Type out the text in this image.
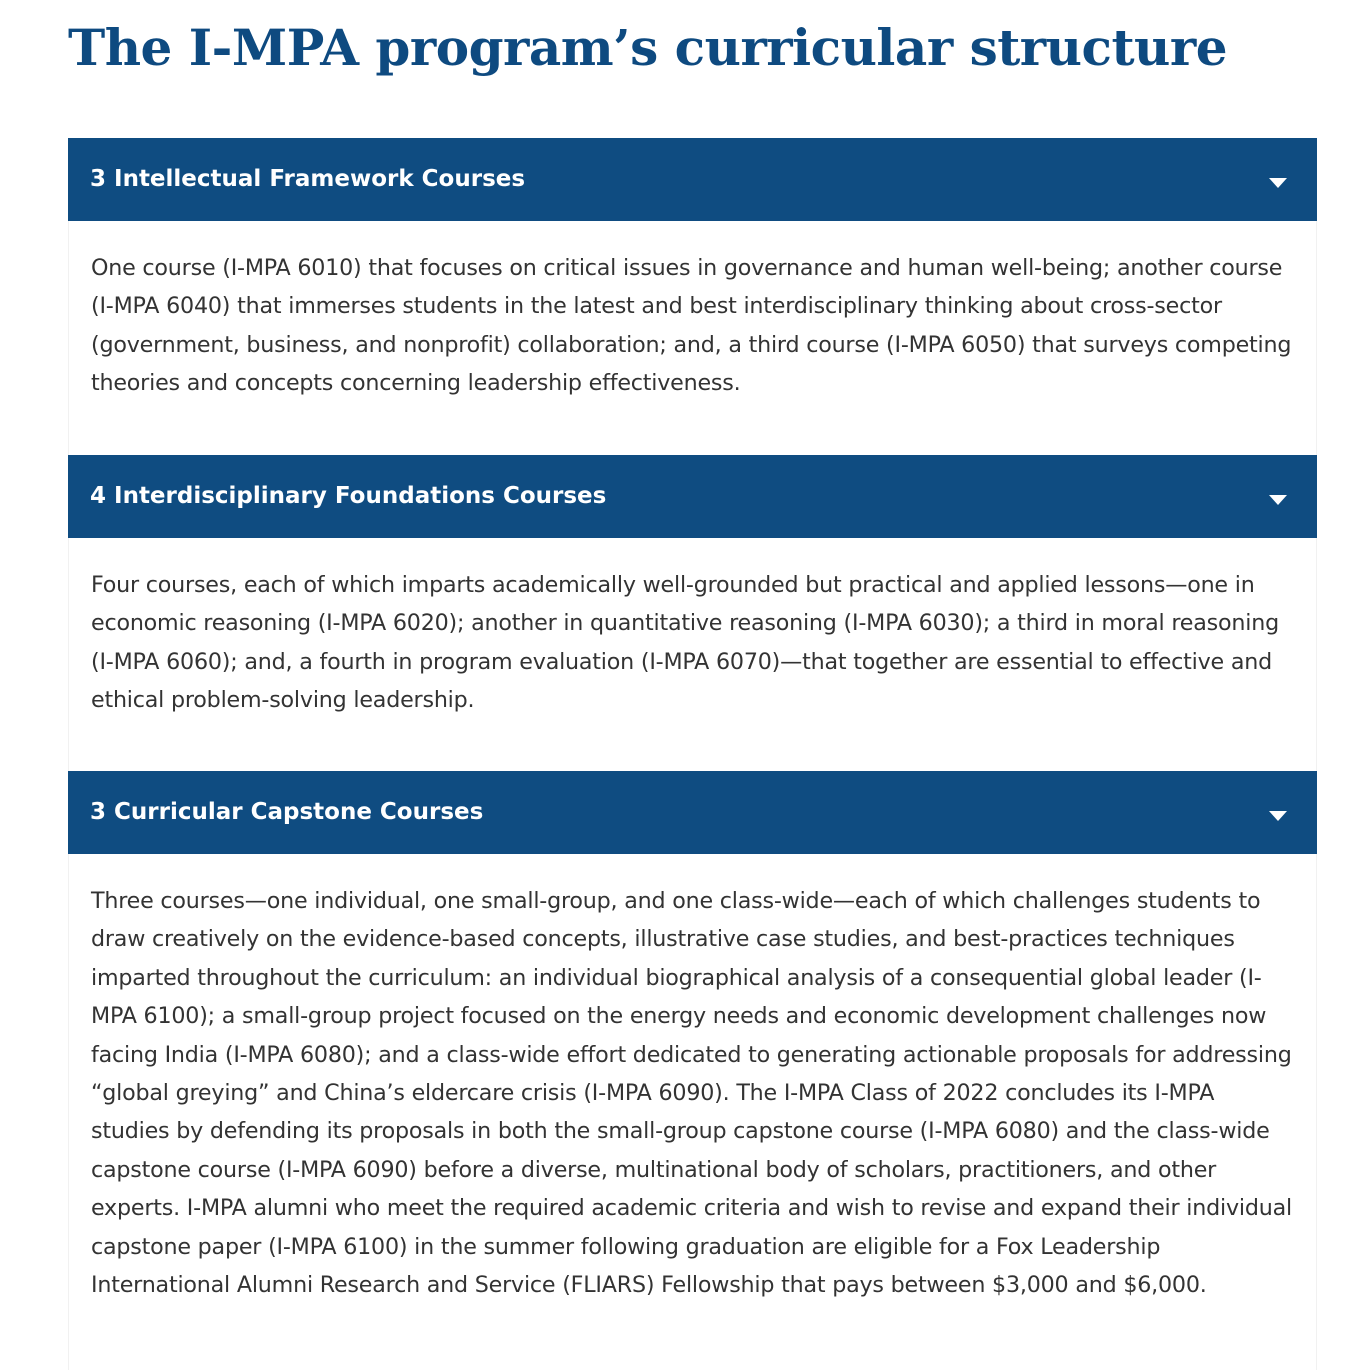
The I-MPA program’s curricular structure
3 Intellectual Framework Courses

One course (I-MPA 6010) that focuses on critical issues in governance and human well-being; another course (I-MPA 6040) that immerses students in the latest and best interdisciplinary thinking about cross-sector (government, business, and nonprofit) collaboration; and, a third course (I-MPA 6050) that surveys competing theories and concepts concerning leadership effectiveness.

4 Interdisciplinary Foundations Courses

Four courses, each of which imparts academically well-grounded but practical and applied lessons—one in economic reasoning (I-MPA 6020); another in quantitative reasoning (I-MPA 6030); a third in moral reasoning (I-MPA 6060); and, a fourth in program evaluation (I-MPA 6070)—that together are essential to effective and ethical problem-solving leadership.

3 Curricular Capstone Courses

Three courses—one individual, one small-group, and one class-wide—each of which challenges students to draw creatively on the evidence-based concepts, illustrative case studies, and best-practices techniques imparted throughout the curriculum: an individual biographical analysis of a consequential global leader (I-MPA 6100); a small-group project focused on the energy needs and economic development challenges now facing India (I-MPA 6080); and a class-wide effort dedicated to generating actionable proposals for addressing “global greying” and China’s eldercare crisis (I-MPA 6090). The I-MPA Class of 2022 concludes its I-MPA studies by defending its proposals in both the small-group capstone course (I-MPA 6080) and the class-wide capstone course (I-MPA 6090) before a diverse, multinational body of scholars, practitioners, and other experts. I-MPA alumni who meet the required academic criteria and wish to revise and expand their individual capstone paper (I-MPA 6100) in the summer following graduation are eligible for a Fox Leadership International Alumni Research and Service (FLIARS) Fellowship that pays between $3,000 and $6,000.
